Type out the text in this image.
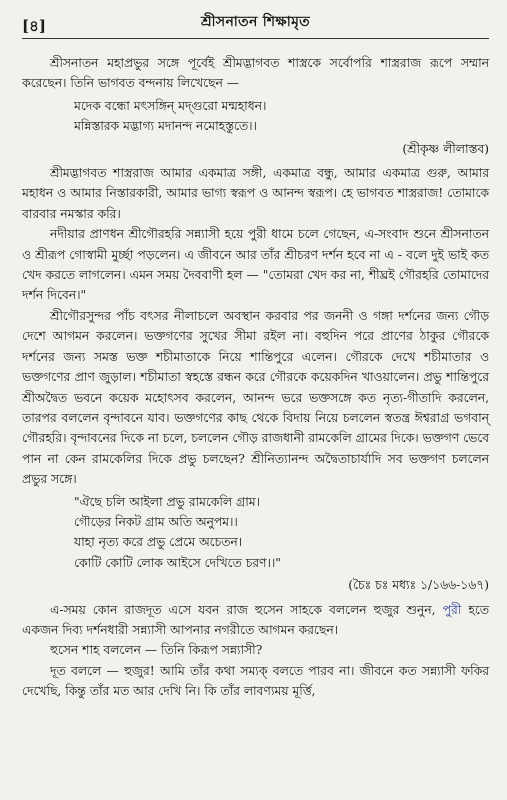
[৪]	শ্রীসনাতন শিক্ষামৃত

শ্রীসনাতন মহাপ্রভুর সঙ্গে পূর্বেই শ্রীমদ্ভাগবত শাস্ত্রকে সর্বোপরি শাস্ত্ররাজ রূপে সম্মান করেছেন। তিনি ভাগবত বন্দনায় লিখেছেন —

মদেক বন্ধো মৎসঙ্গিন্ মদ্গুরো মন্মহাধন।
মন্নিস্তারক মদ্ভাগ্য মদানন্দ নমোহস্তুতে।।

(শ্রীকৃষ্ণ লীলাস্তব)

শ্রীমদ্ভাগবত শাস্ত্ররাজ আমার একমাত্র সঙ্গী, একমাত্র বন্ধু, আমার একমাত্র গুরু, আমার মহাধন ও আমার নিস্তারকারী, আমার ভাগ্য স্বরূপ ও আনন্দ স্বরূপ। হে ভাগবত শাস্ত্ররাজ! তোমাকে বারবার নমস্কার করি।

নদীয়ার প্রাণধন শ্রীগৌরহরি সন্ন্যাসী হয়ে পুরী ধামে চলে গেছেন, এ-সংবাদ শুনে শ্রীসনাতন ও শ্রীরূপ গোস্বামী মুর্চ্ছা পড়লেন। এ জীবনে আর তাঁর শ্রীচরণ দর্শন হবে না এ - বলে দুই ভাই কত খেদ করতে লাগলেন। এমন সময় দৈববাণী হল — "তোমরা খেদ কর না, শীঘ্রই গৌরহরি তোমাদের দর্শন দিবেন।"

শ্রীগৌরসুন্দর পাঁচ বৎসর নীলাচলে অবস্থান করবার পর জননী ও গঙ্গা দর্শনের জন্য গৌড় দেশে আগমন করলেন। ভক্তগণের সুখের সীমা রইল না। বহুদিন পরে প্রাণের ঠাকুর গৌরকে দর্শনের জন্য সমস্ত ভক্ত শচীমাতাকে নিয়ে শান্তিপুরে এলেন। গৌরকে দেখে শচীমাতার ও ভক্তগণের প্রাণ জুড়াল। শচীমাতা স্বহস্তে রন্ধন করে গৌরকে কয়েকদিন খাওয়ালেন। প্রভু শান্তিপুরে শ্রীঅদ্বৈত ভবনে কয়েক মহোৎসব করলেন, আনন্দ ভরে ভক্তসঙ্গে কত নৃত্য-গীতাদি করলেন, তারপর বললেন বৃন্দাবনে যাব। ভক্তগণের কাছ থেকে বিদায় নিয়ে চললেন স্বতন্ত্র ঈশ্বরাগ্র ভগবান্ গৌরহরি। বৃন্দাবনের দিকে না চলে, চললেন গৌড় রাজধানী রামকেলি গ্রামের দিকে। ভক্তগণ ভেবে পান না কেন রামকেলির দিকে প্রভু চলছেন? শ্রীনিত্যানন্দ অদ্বৈতাচার্যাদি সব ভক্তগণ চললেন প্রভুর সঙ্গে।

"ঐছে চলি আইলা প্রভু রামকেলি গ্রাম।
গৌড়ের নিকট গ্রাম অতি অনুপম।।
যাহা নৃত্য করে প্রভু প্রেমে অচেতন।
কোটি কোটি লোক আইসে দেখিতে চরণ।।"

(চৈঃ চঃ মধ্যঃ ১/১৬৬-১৬৭)

এ-সময় কোন রাজদূত এসে যবন রাজ হুসেন সাহকে বললেন হুজুর শুনুন, পুরী হতে একজন দিব্য দর্শনধারী সন্ন্যাসী আপনার নগরীতে আগমন করছেন।

হুসেন শাহ বললেন — তিনি কিরূপ সন্ন্যাসী?

দূত বললে — হুজুর! আমি তাঁর কথা সম্যক্ বলতে পারব না। জীবনে কত সন্ন্যাসী ফকির দেখেছি, কিন্তু তাঁর মত আর দেখি নি। কি তাঁর লাবণ্যময় মূর্ত্তি,
